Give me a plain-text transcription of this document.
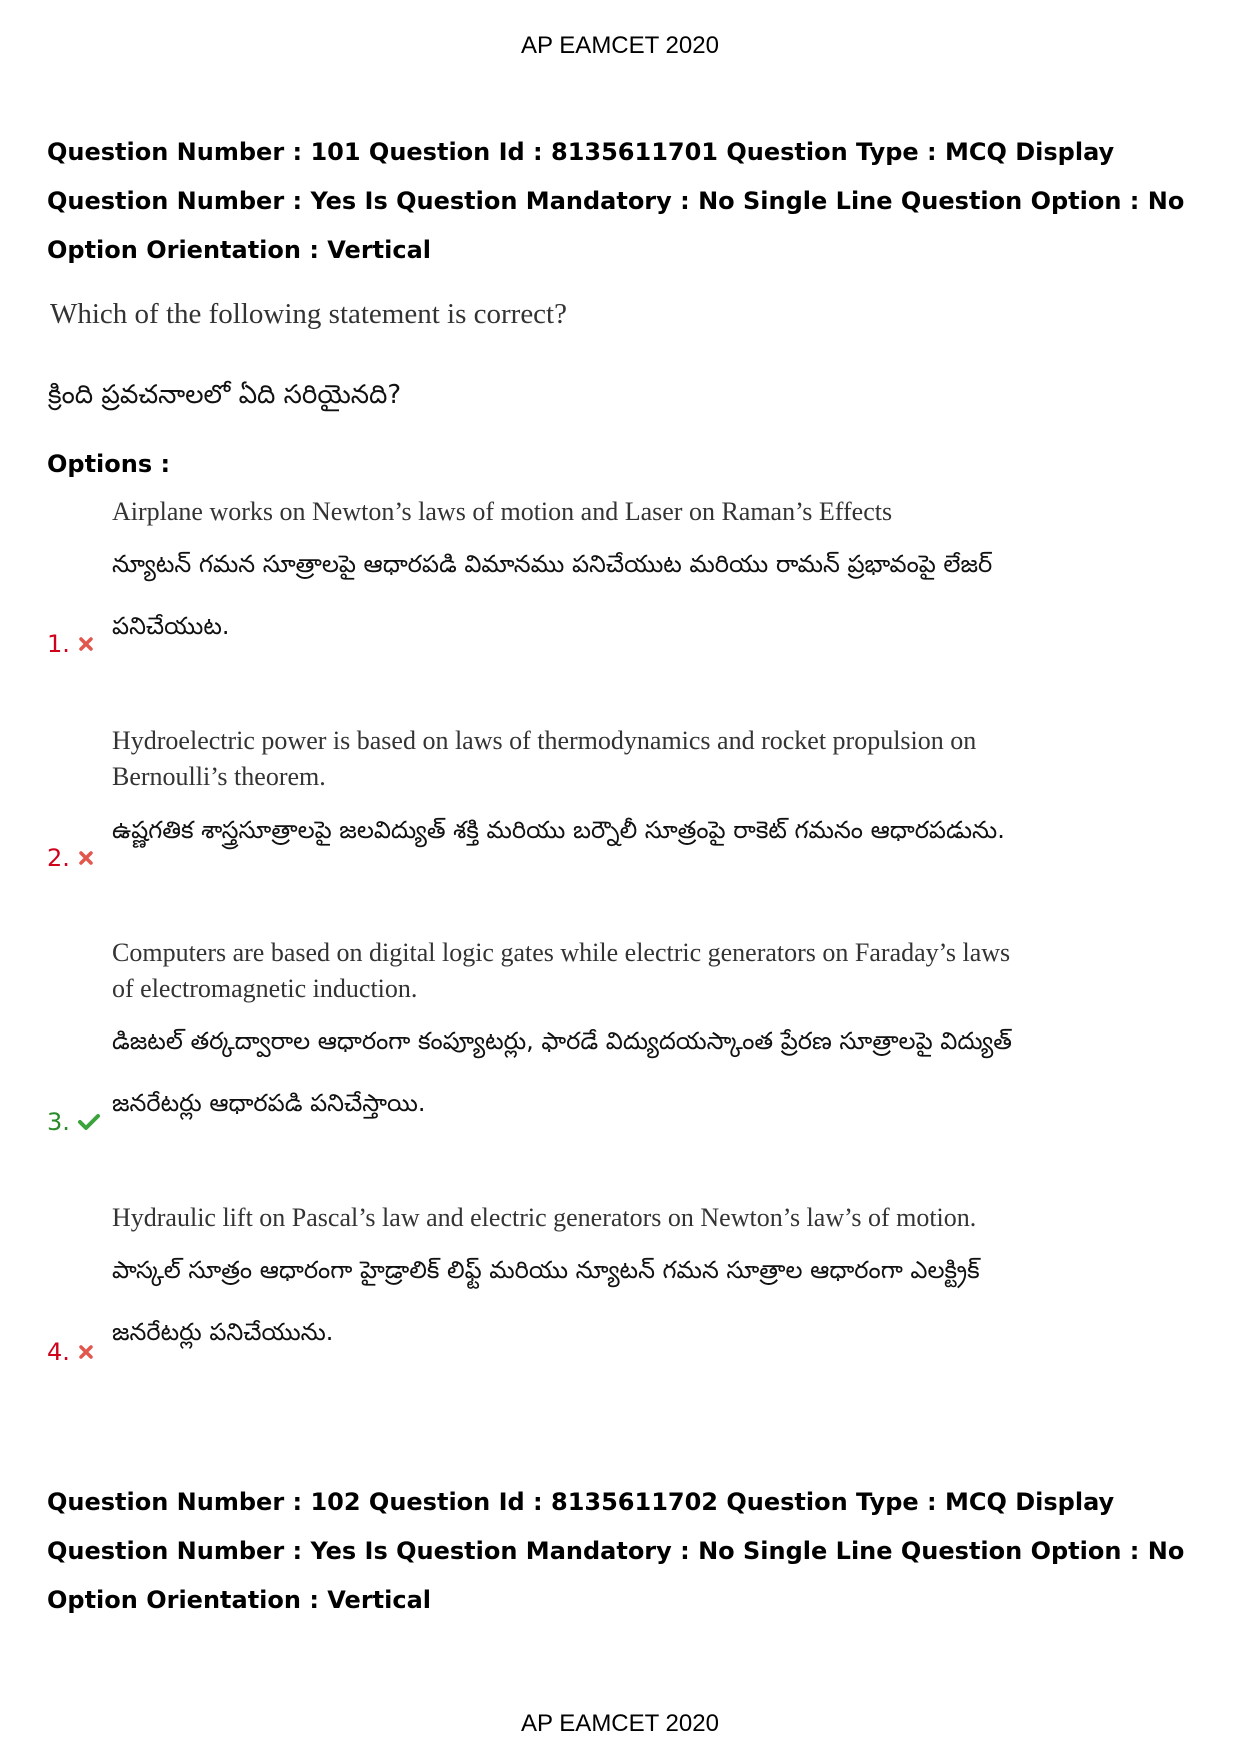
AP EAMCET 2020
Question Number : 101 Question Id : 8135611701 Question Type : MCQ Display Question Number : Yes Is Question Mandatory : No Single Line Question Option : No Option Orientation : Vertical
Which of the following statement is correct?
క్రింది ప్రవచనాలలో ఏది సరియైనది?
Options :
Airplane works on Newton’s laws of motion and Laser on Raman’s Effects
న్యూటన్ గమన సూత్రాలపై ఆధారపడి విమానము పనిచేయుట మరియు రామన్ ప్రభావంపై లేజర్ పనిచేయుట.
1.
Hydroelectric power is based on laws of thermodynamics and rocket propulsion on Bernoulli’s theorem.
ఉష్ణగతిక శాస్త్రసూత్రాలపై జలవిద్యుత్ శక్తి మరియు బర్నౌలీ సూత్రంపై రాకెట్ గమనం ఆధారపడును.
2.
Computers are based on digital logic gates while electric generators on Faraday’s laws of electromagnetic induction.
డిజటల్ తర్కద్వారాల ఆధారంగా కంప్యూటర్లు, ఫారడే విద్యుదయస్కాంత ప్రేరణ సూత్రాలపై విద్యుత్ జనరేటర్లు ఆధారపడి పనిచేస్తాయి.
3.
Hydraulic lift on Pascal’s law and electric generators on Newton’s law’s of motion.
పాస్కల్ సూత్రం ఆధారంగా హైడ్రాలిక్ లిఫ్ట్ మరియు న్యూటన్ గమన సూత్రాల ఆధారంగా ఎలక్ట్రిక్ జనరేటర్లు పనిచేయును.
4.
Question Number : 102 Question Id : 8135611702 Question Type : MCQ Display Question Number : Yes Is Question Mandatory : No Single Line Question Option : No Option Orientation : Vertical
AP EAMCET 2020
